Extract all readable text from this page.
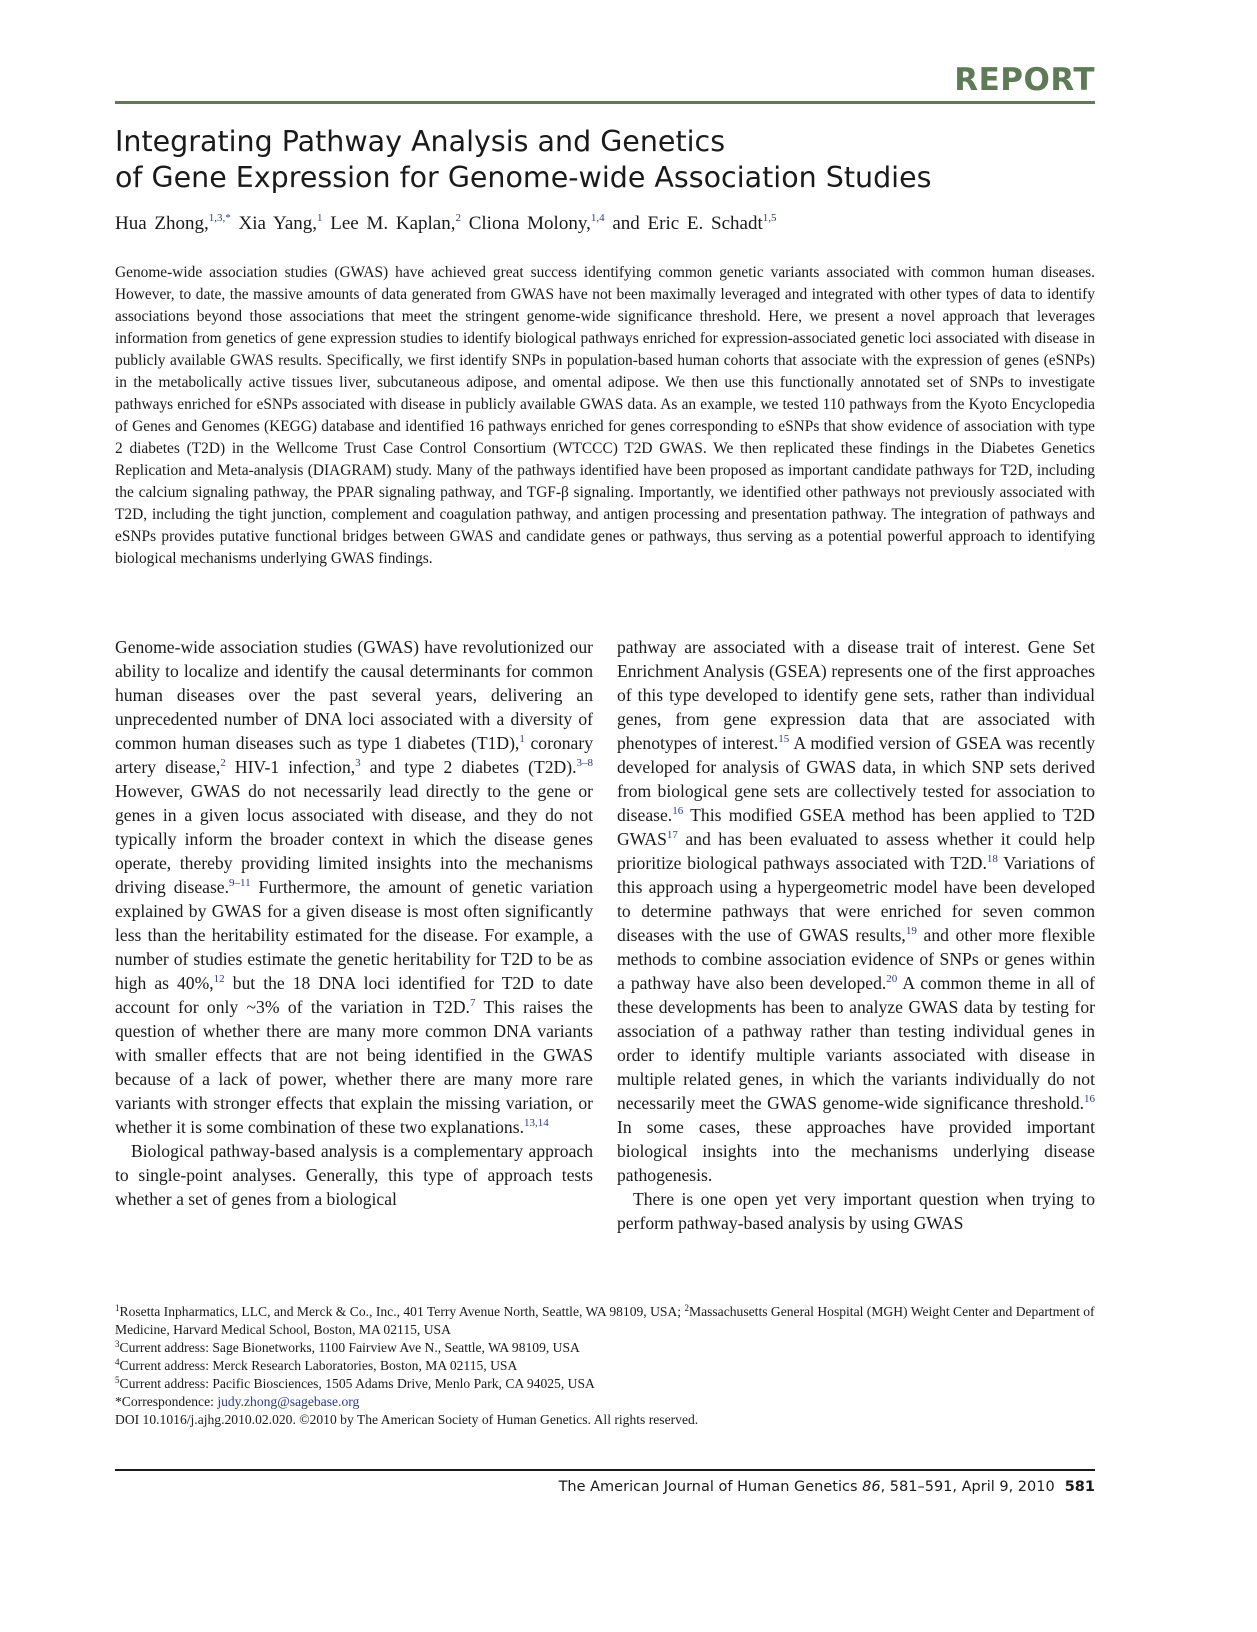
REPORT
Integrating Pathway Analysis and Genetics
of Gene Expression for Genome-wide Association Studies
Hua Zhong,$^{1,3,*}$ Xia Yang,$^1$ Lee M. Kaplan,$^2$ Cliona Molony,$^{1,4}$ and Eric E. Schadt$^{1,5}$

Genome-wide association studies (GWAS) have achieved great success identifying common genetic variants associated with common human diseases. However, to date, the massive amounts of data generated from GWAS have not been maximally leveraged and integrated with other types of data to identify associations beyond those associations that meet the stringent genome-wide significance threshold. Here, we present a novel approach that leverages information from genetics of gene expression studies to identify biological pathways enriched for expression-associated genetic loci associated with disease in publicly available GWAS results. Specifically, we first identify SNPs in population-based human cohorts that associate with the expression of genes (eSNPs) in the metabolically active tissues liver, subcutaneous adipose, and omental adipose. We then use this functionally annotated set of SNPs to investigate pathways enriched for eSNPs associated with disease in publicly available GWAS data. As an example, we tested 110 pathways from the Kyoto Encyclopedia of Genes and Genomes (KEGG) database and identified 16 pathways enriched for genes corresponding to eSNPs that show evidence of association with type 2 diabetes (T2D) in the Wellcome Trust Case Control Consortium (WTCCC) T2D GWAS. We then replicated these findings in the Diabetes Genetics Replication and Meta-analysis (DIAGRAM) study. Many of the pathways identified have been proposed as important candidate pathways for T2D, including the calcium signaling pathway, the PPAR signaling pathway, and TGF-β signaling. Importantly, we identified other pathways not previously associated with T2D, including the tight junction, complement and coagulation pathway, and antigen processing and presentation pathway. The integration of pathways and eSNPs provides putative functional bridges between GWAS and candidate genes or pathways, thus serving as a potential powerful approach to identifying biological mechanisms underlying GWAS findings.

Genome-wide association studies (GWAS) have revolutionized our ability to localize and identify the causal determinants for common human diseases over the past several years, delivering an unprecedented number of DNA loci associated with a diversity of common human diseases such as type 1 diabetes (T1D),$^1$ coronary artery disease,$^2$ HIV-1 infection,$^3$ and type 2 diabetes (T2D).$^{3-8}$ However, GWAS do not necessarily lead directly to the gene or genes in a given locus associated with disease, and they do not typically inform the broader context in which the disease genes operate, thereby providing limited insights into the mechanisms driving disease.$^{9-11}$ Furthermore, the amount of genetic variation explained by GWAS for a given disease is most often significantly less than the heritability estimated for the disease. For example, a number of studies estimate the genetic heritability for T2D to be as high as 40%,$^{12}$ but the 18 DNA loci identified for T2D to date account for only ~3% of the variation in T2D.$^7$ This raises the question of whether there are many more common DNA variants with smaller effects that are not being identified in the GWAS because of a lack of power, whether there are many more rare variants with stronger effects that explain the missing variation, or whether it is some combination of these two explanations.$^{13,14}$

Biological pathway-based analysis is a complementary approach to single-point analyses. Generally, this type of approach tests whether a set of genes from a biological

pathway are associated with a disease trait of interest. Gene Set Enrichment Analysis (GSEA) represents one of the first approaches of this type developed to identify gene sets, rather than individual genes, from gene expression data that are associated with phenotypes of interest.$^{15}$ A modified version of GSEA was recently developed for analysis of GWAS data, in which SNP sets derived from biological gene sets are collectively tested for association to disease.$^{16}$ This modified GSEA method has been applied to T2D GWAS$^{17}$ and has been evaluated to assess whether it could help prioritize biological pathways associated with T2D.$^{18}$ Variations of this approach using a hypergeometric model have been developed to determine pathways that were enriched for seven common diseases with the use of GWAS results,$^{19}$ and other more flexible methods to combine association evidence of SNPs or genes within a pathway have also been developed.$^{20}$ A common theme in all of these developments has been to analyze GWAS data by testing for association of a pathway rather than testing individual genes in order to identify multiple variants associated with disease in multiple related genes, in which the variants individually do not necessarily meet the GWAS genome-wide significance threshold.$^{16}$ In some cases, these approaches have provided important biological insights into the mechanisms underlying disease pathogenesis.

There is one open yet very important question when trying to perform pathway-based analysis by using GWAS

$^1$Rosetta Inpharmatics, LLC, and Merck & Co., Inc., 401 Terry Avenue North, Seattle, WA 98109, USA; $^2$Massachusetts General Hospital (MGH) Weight Center and Department of Medicine, Harvard Medical School, Boston, MA 02115, USA

$^3$Current address: Sage Bionetworks, 1100 Fairview Ave N., Seattle, WA 98109, USA

$^4$Current address: Merck Research Laboratories, Boston, MA 02115, USA

$^5$Current address: Pacific Biosciences, 1505 Adams Drive, Menlo Park, CA 94025, USA

*Correspondence: judy.zhong@sagebase.org

DOI 10.1016/j.ajhg.2010.02.020. ©2010 by The American Society of Human Genetics. All rights reserved.

The American Journal of Human Genetics 86, 581–591, April 9, 2010 581
